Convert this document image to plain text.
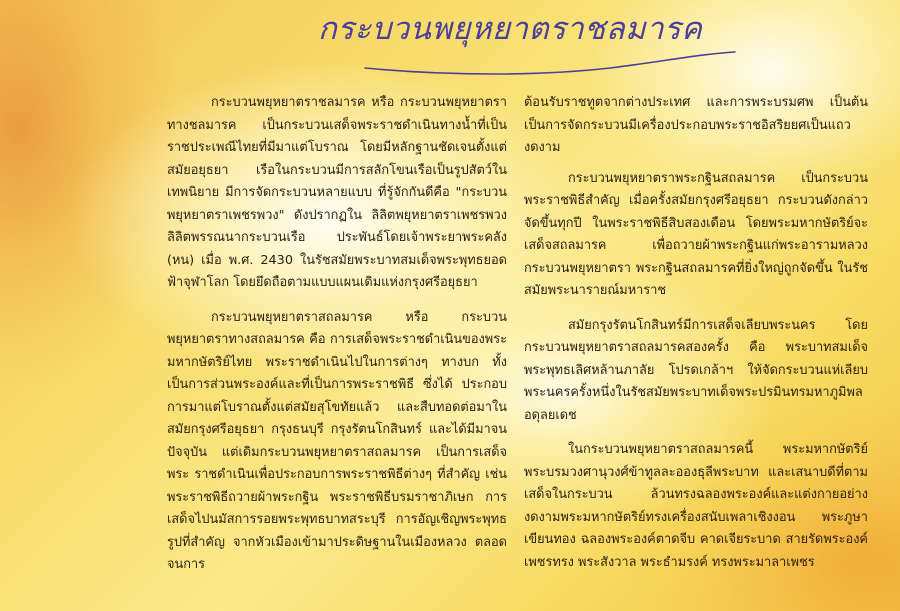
กระบวนพยุหยาตราชลมารค

กระบวนพยุหยาตราชลมารค หรือ กระบวนพยุหยาตราทางชลมารค เป็นกระบวนเสด็จพระราชดำเนินทางน้ำที่เป็นราชประเพณีไทยที่มีมาแต่โบราณ โดยมีหลักฐานชัดเจนตั้งแต่สมัยอยุธยา เรือในกระบวนมีการสลักโขนเรือเป็นรูปสัตว์ในเทพนิยาย มีการจัดกระบวนหลายแบบ ที่รู้จักกันดีคือ "กระบวนพยุหยาตราเพชรพวง" ดังปรากฏใน ลิลิตพยุหยาตราเพชรพวง ลิลิตพรรณนากระบวนเรือ ประพันธ์โดยเจ้าพระยาพระคลัง (หน) เมื่อ พ.ศ. 2430 ในรัชสมัยพระบาทสมเด็จพระพุทธยอดฟ้าจุฬาโลก โดยยึดถือตามแบบแผนเดิมแห่งกรุงศรีอยุธยา

กระบวนพยุหยาตราสถลมารค หรือ กระบวนพยุหยาตราทางสถลมารค คือ การเสด็จพระราชดำเนินของพระมหากษัตริย์ไทย พระราชดำเนินไปในการต่างๆ ทางบก ทั้งเป็นการส่วนพระองค์และที่เป็นการพระราชพิธี ซึ่งได้ ประกอบการมาแต่โบราณตั้งแต่สมัยสุโขทัยแล้ว และสืบทอดต่อมาในสมัยกรุงศรีอยุธยา กรุงธนบุรี กรุงรัตนโกสินทร์ และได้มีมาจนปัจจุบัน แต่เดิมกระบวนพยุหยาตราสถลมารค เป็นการเสด็จพระ ราชดำเนินเพื่อประกอบการพระราชพิธีต่างๆ ที่สำคัญ เช่น พระราชพิธีถวายผ้าพระกฐิน พระราชพิธีบรมราชาภิเษก การเสด็จไปนมัสการรอยพระพุทธบาทสระบุรี การอัญเชิญพระพุทธรูปที่สำคัญ จากหัวเมืองเข้ามาประดิษฐานในเมืองหลวง ตลอดจนการ

ต้อนรับราชทูตจากต่างประเทศ และการพระบรมศพ เป็นต้น เป็นการจัดกระบวนมีเครื่องประกอบพระราชอิสริยยศเป็นแถวงดงาม

กระบวนพยุหยาตราพระกฐินสถลมารค เป็นกระบวนพระราชพิธีสำคัญ เมื่อครั้งสมัยกรุงศรีอยุธยา กระบวนดังกล่าวจัดขึ้นทุกปี ในพระราชพิธีสิบสองเดือน โดยพระมหากษัตริย์จะเสด็จสถลมารค เพื่อถวายผ้าพระกฐินแก่พระอารามหลวง กระบวนพยุหยาตรา พระกฐินสถลมารคที่ยิ่งใหญ่ถูกจัดขึ้น ในรัชสมัยพระนารายณ์มหาราช

สมัยกรุงรัตนโกสินทร์มีการเสด็จเลียบพระนคร โดยกระบวนพยุหยาตราสถลมารคสองครั้ง คือ พระบาทสมเด็จพระพุทธเลิศหล้านภาลัย โปรดเกล้าฯ ให้จัดกระบวนแห่เลียบพระนครครั้งหนึ่งในรัชสมัยพระบาทเด็จพระปรมินทรมหาภูมิพลอดุลยเดช

ในกระบวนพยุหยาตราสถลมารคนี้ พระมหากษัตริย์ พระบรมวงศานุวงศ์ข้าทูลละอองธุลีพระบาท และเสนาบดีที่ตามเสด็จในกระบวน ล้วนทรงฉลองพระองค์และแต่งกายอย่างงดงามพระมหากษัตริย์ทรงเครื่องสนับเพลาเชิงงอน พระภูษาเขียนทอง ฉลองพระองค์ตาดจีบ คาดเจียระบาด สายรัดพระองค์เพชรทรง พระสังวาล พระธำมรงค์ ทรงพระมาลาเพชร
